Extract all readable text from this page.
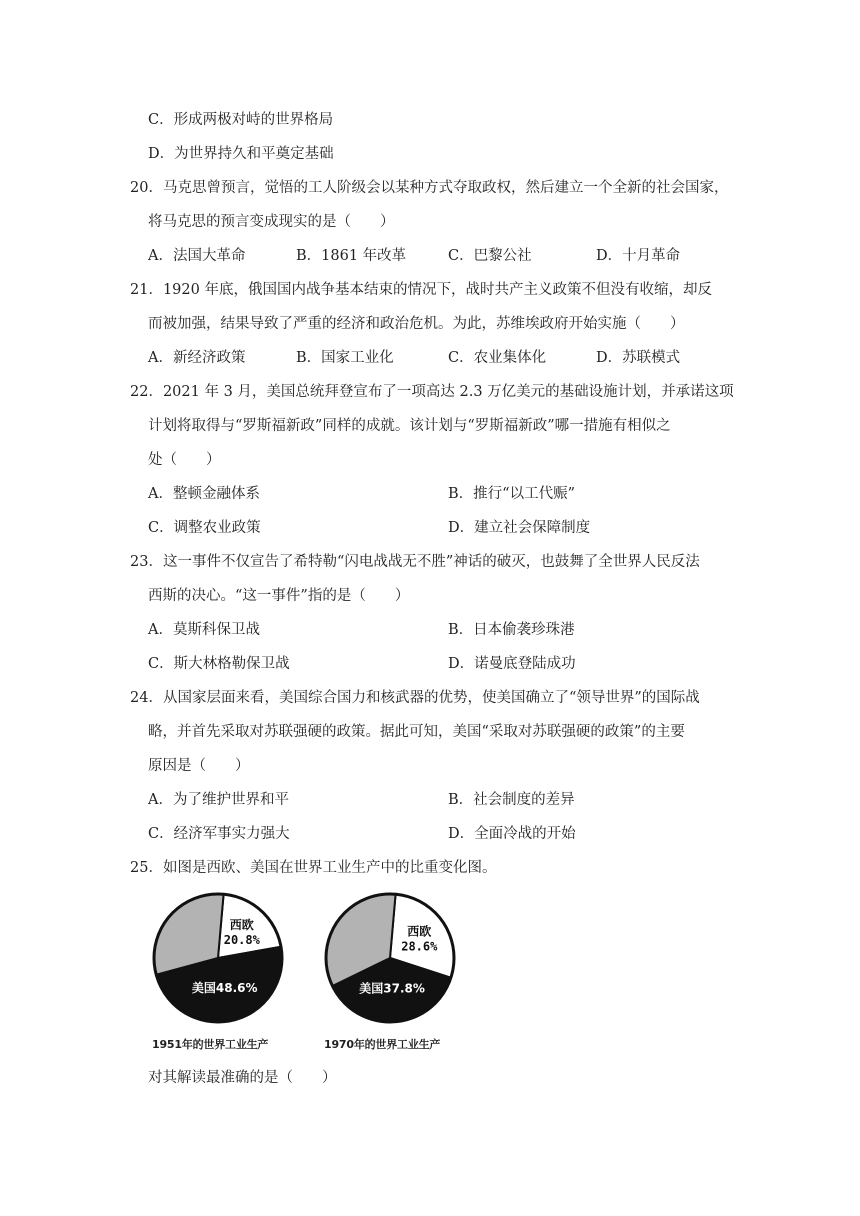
C．形成两极对峙的世界格局
D．为世界持久和平奠定基础
20．马克思曾预言，觉悟的工人阶级会以某种方式夺取政权，然后建立一个全新的社会国家，
将马克思的预言变成现实的是（　　）
A．法国大革命	B．1861 年改革	C．巴黎公社	D．十月革命
21．1920 年底，俄国国内战争基本结束的情况下，战时共产主义政策不但没有收缩，却反
而被加强，结果导致了严重的经济和政治危机。为此，苏维埃政府开始实施（　　）
A．新经济政策	B．国家工业化	C．农业集体化	D．苏联模式
22．2021 年 3 月，美国总统拜登宣布了一项高达 2.3 万亿美元的基础设施计划，并承诺这项
计划将取得与“罗斯福新政”同样的成就。该计划与“罗斯福新政”哪一措施有相似之
处（　　）
A．整顿金融体系	B．推行“以工代赈”
C．调整农业政策	D．建立社会保障制度
23．这一事件不仅宣告了希特勒“闪电战战无不胜”神话的破灭，也鼓舞了全世界人民反法
西斯的决心。“这一事件”指的是（　　）
A．莫斯科保卫战	B．日本偷袭珍珠港
C．斯大林格勒保卫战	D．诺曼底登陆成功
24．从国家层面来看，美国综合国力和核武器的优势，使美国确立了“领导世界”的国际战
略，并首先采取对苏联强硬的政策。据此可知，美国“采取对苏联强硬的政策”的主要
原因是（　　）
A．为了维护世界和平	B．社会制度的差异
C．经济军事实力强大	D．全面冷战的开始
25．如图是西欧、美国在世界工业生产中的比重变化图。
西欧
20.8%
美国48.6%
西欧
28.6%
美国37.8%
1951年的世界工业生产	1970年的世界工业生产
对其解读最准确的是（　　）
